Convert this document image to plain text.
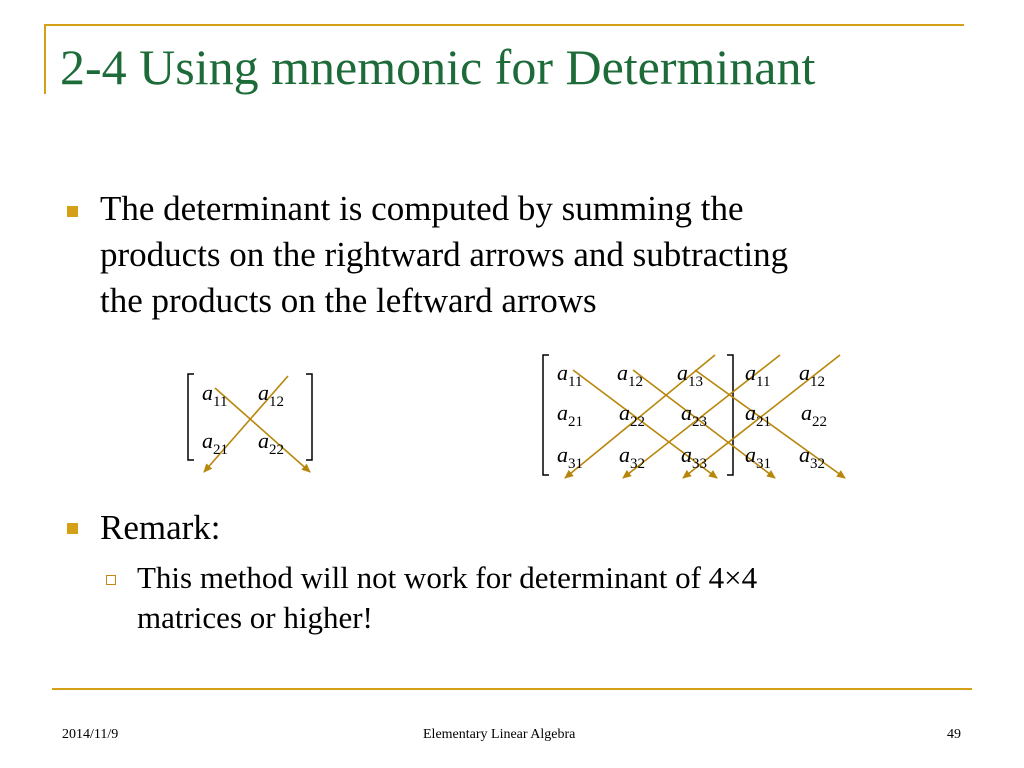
2-4 Using mnemonic for Determinant
The determinant is computed by summing the
products on the rightward arrows and subtracting
the products on the leftward arrows
a11 a12
a21 a22
a11 a12 a13
a21 a22 a23
a31 a32 a33
a11 a12
a21 a22
a31 a32
Remark:
This method will not work for determinant of 4×4
matrices or higher!
2014/11/9	Elementary Linear Algebra	49
